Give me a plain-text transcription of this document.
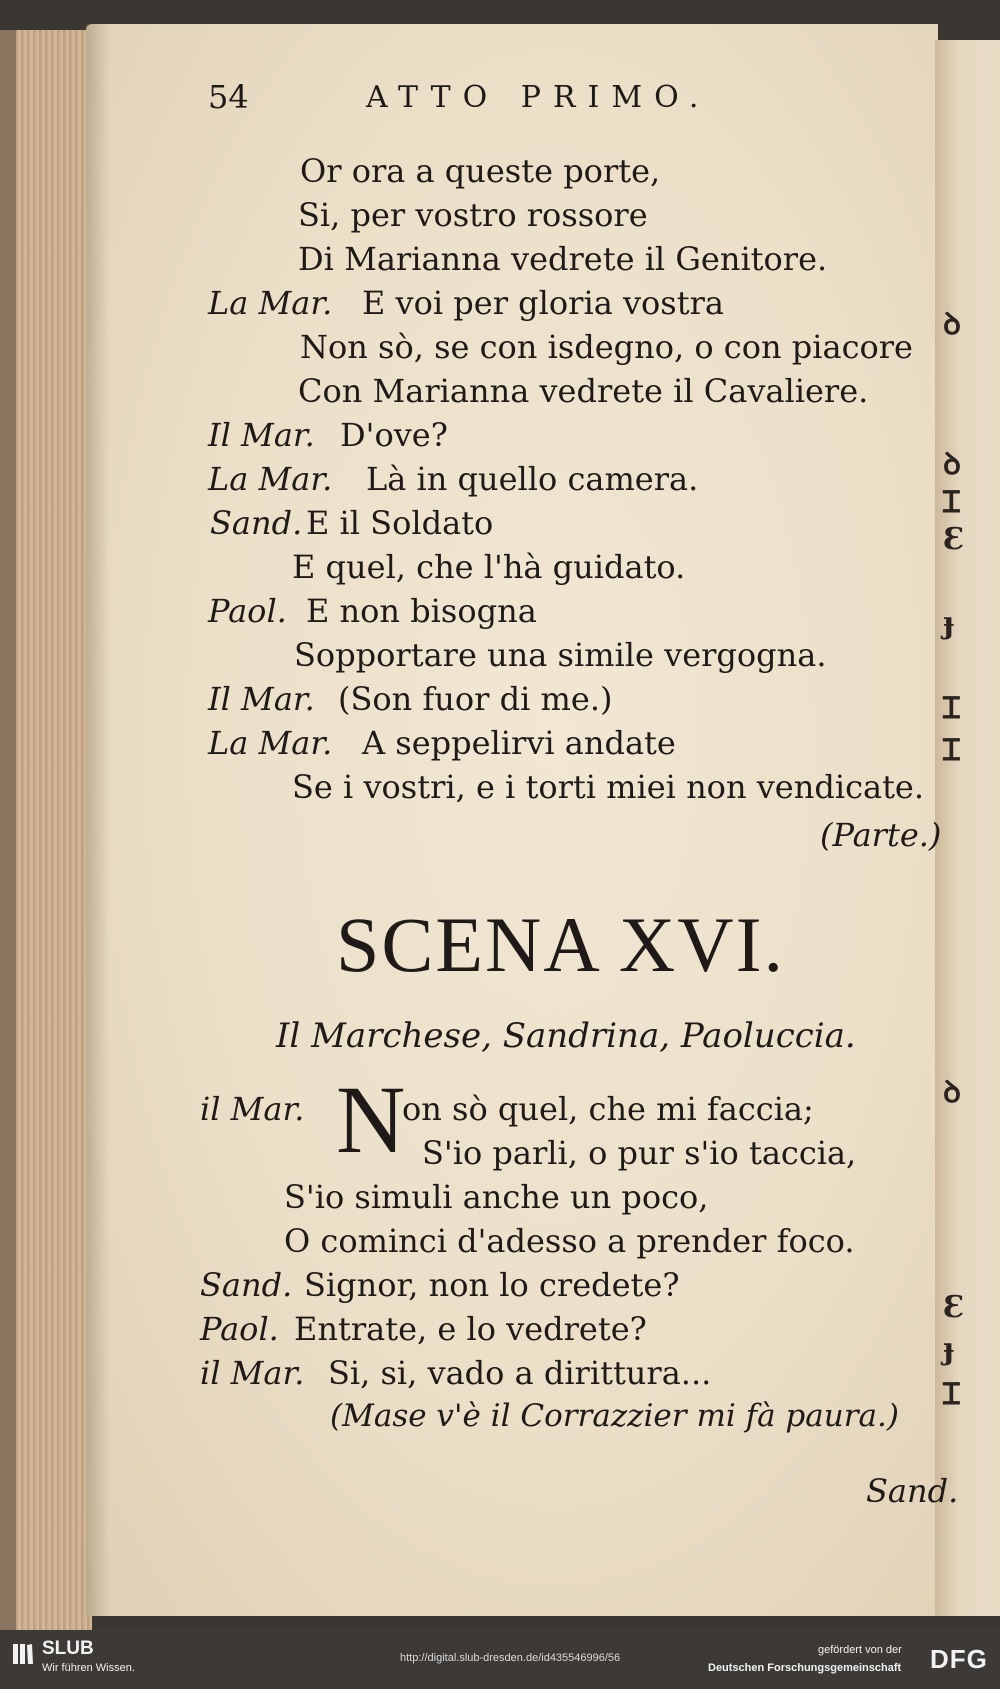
ꝺ
ꝺ
Ɪ
Ɛ
ɟ
Ɪ
Ɪ
ꝺ
Ɛ
ɟ
Ɪ
54	ATTO PRIMO.
Or ora a queste porte,
Si, per vostro rossore
Di Marianna vedrete il Genitore.
La Mar. E voi per gloria vostra
Non sò, se con isdegno, o con piacore
Con Marianna vedrete il Cavaliere.
Il Mar. D'ove?
La Mar. Là in quello camera.
Sand. E il Soldato
E quel, che l'hà guidato.
Paol. E non bisogna
Sopportare una simile vergogna.
Il Mar. (Son fuor di me.)
La Mar. A seppelirvi andate
Se i vostri, e i torti miei non vendicate.
(Parte.)
SCENA XVI.
Il Marchese, Sandrina, Paoluccia.
il Mar. N
on sò quel, che mi faccia;
S'io parli, o pur s'io taccia,
S'io simuli anche un poco,
O cominci d'adesso a prender foco.
Sand. Signor, non lo credete?
Paol. Entrate, e lo vedrete?
il Mar. Si, si, vado a dirittura...
(Mase v'è il Corrazzier mi fà paura.)
Sand.
SLUB
Wir führen Wissen.
http://digital.slub-dresden.de/id435546996/56
gefördert von der
Deutschen Forschungsgemeinschaft DFG
